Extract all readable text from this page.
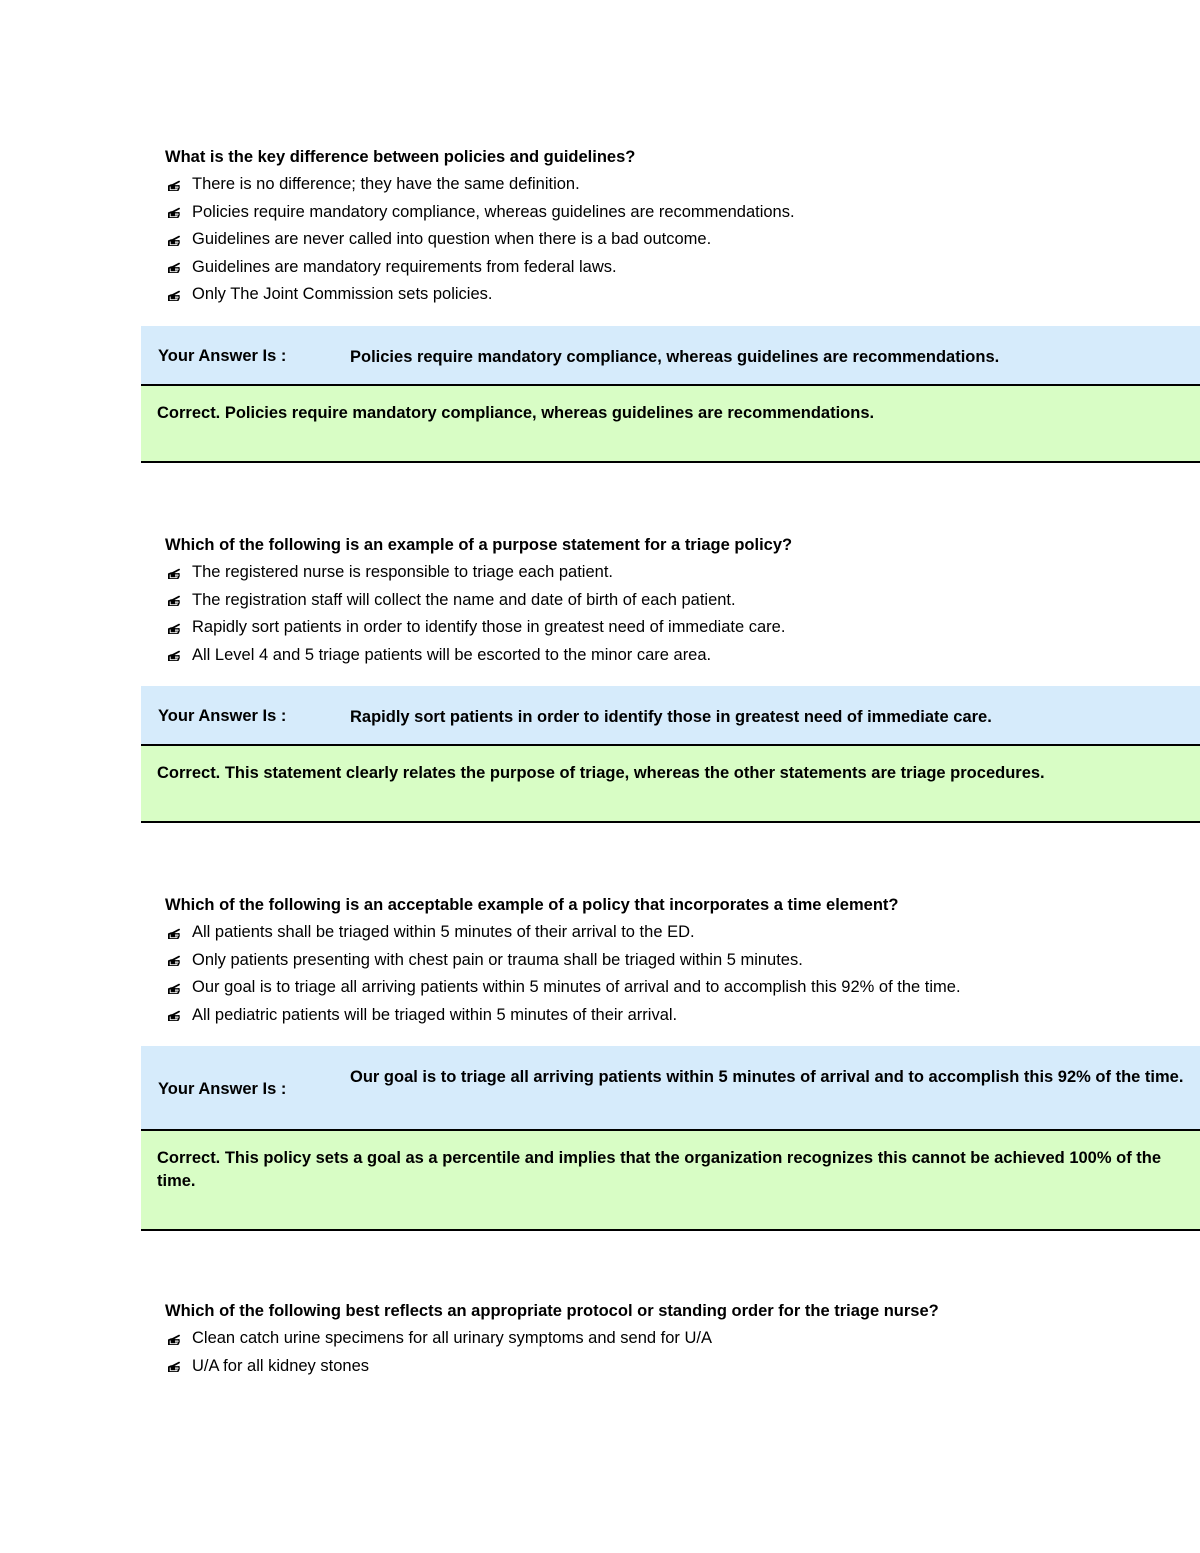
What is the key difference between policies and guidelines?
There is no difference; they have the same definition.
Policies require mandatory compliance, whereas guidelines are recommendations.
Guidelines are never called into question when there is a bad outcome.
Guidelines are mandatory requirements from federal laws.
Only The Joint Commission sets policies.
Your Answer Is :	Policies require mandatory compliance, whereas guidelines are recommendations.
Correct. Policies require mandatory compliance, whereas guidelines are recommendations.
Which of the following is an example of a purpose statement for a triage policy?
The registered nurse is responsible to triage each patient.
The registration staff will collect the name and date of birth of each patient.
Rapidly sort patients in order to identify those in greatest need of immediate care.
All Level 4 and 5 triage patients will be escorted to the minor care area.
Your Answer Is :	Rapidly sort patients in order to identify those in greatest need of immediate care.
Correct. This statement clearly relates the purpose of triage, whereas the other statements are triage procedures.
Which of the following is an acceptable example of a policy that incorporates a time element?
All patients shall be triaged within 5 minutes of their arrival to the ED.
Only patients presenting with chest pain or trauma shall be triaged within 5 minutes.
Our goal is to triage all arriving patients within 5 minutes of arrival and to accomplish this 92% of the time.
All pediatric patients will be triaged within 5 minutes of their arrival.
Your Answer Is :
Our goal is to triage all arriving patients within 5 minutes of arrival and to accomplish this 92% of the time.
Correct. This policy sets a goal as a percentile and implies that the organization recognizes this cannot be achieved 100% of the time.
Which of the following best reflects an appropriate protocol or standing order for the triage nurse?
Clean catch urine specimens for all urinary symptoms and send for U/A
U/A for all kidney stones
